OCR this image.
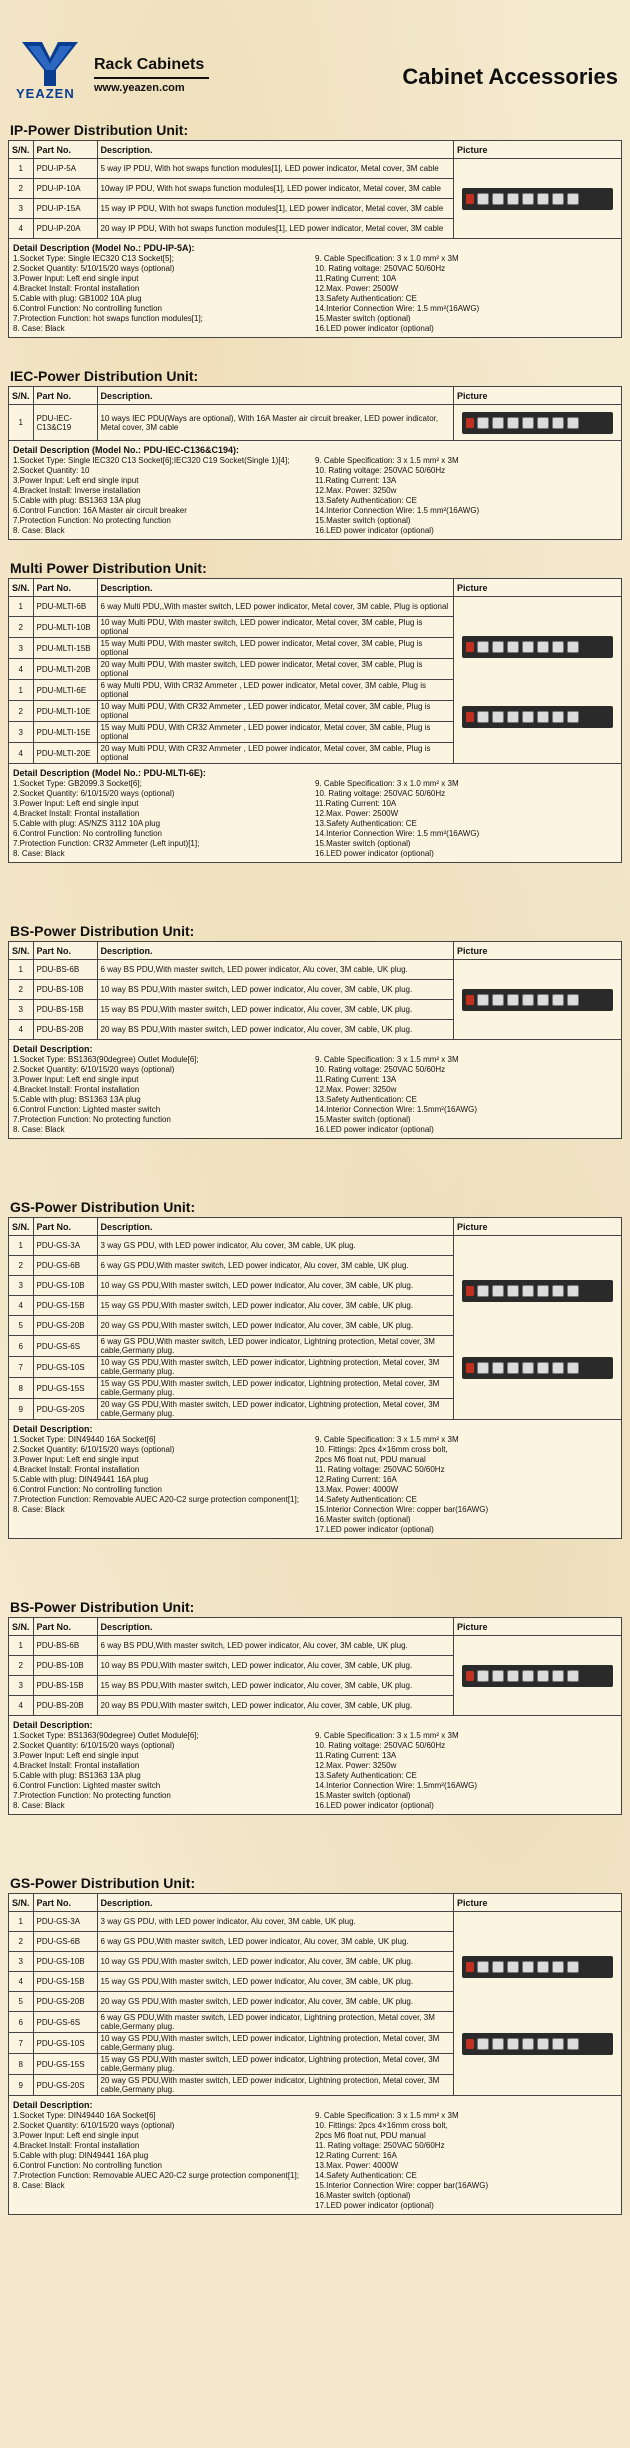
YEAZEN
Rack Cabinets
www.yeazen.com	Cabinet Accessories
IP-Power Distribution Unit:
S/N.	Part No.	Description.	Picture
1	PDU-IP-5A	5 way IP PDU, With hot swaps function modules[1], LED power indicator, Metal cover, 3M cable	

2	PDU-IP-10A	10way IP PDU, With hot swaps function modules[1], LED power indicator, Metal cover, 3M cable	
3	PDU-IP-15A	15 way IP PDU, With hot swaps function modules[1], LED power indicator, Metal cover, 3M cable	
4	PDU-IP-20A	20 way IP PDU, With hot swaps function modules[1], LED power indicator, Metal cover, 3M cable	
Detail Description (Model No.: PDU-IP-5A):
1.Socket Type: Single IEC320 C13 Socket[5];
2.Socket Quantity: 5/10/15/20 ways (optional)
3.Power Input: Left end single input
4.Bracket Install: Frontal installation
5.Cable with plug: GB1002 10A plug
6.Control Function: No controlling function
7.Protection Function: hot swaps function modules[1];
8. Case: Black
9. Cable Specification: 3 x 1.0 mm² x 3M
10. Rating voltage: 250VAC 50/60Hz
11.Rating Current: 10A
12.Max. Power: 2500W
13.Safety Authentication: CE
14.Interior Connection Wire: 1.5 mm²(16AWG)
15.Master switch (optional)
16.LED power indicator (optional)
IEC-Power Distribution Unit:
S/N.	Part No.	Description.	Picture
1	PDU-IEC-C13&C19	10 ways IEC PDU(Ways are optional), With 16A Master air circuit breaker, LED power indicator, Metal cover, 3M cable	
Detail Description (Model No.: PDU-IEC-C136&C194):
1.Socket Type: Single IEC320 C13 Socket[6];IEC320 C19 Socket(Single 1)[4];
2.Socket Quantity: 10
3.Power Input: Left end single input
4.Bracket Install: Inverse installation
5.Cable with plug: BS1363 13A plug
6.Control Function: 16A Master air circuit breaker
7.Protection Function: No protecting function
8. Case: Black
9. Cable Specification: 3 x 1.5 mm² x 3M
10. Rating voltage: 250VAC 50/60Hz
11.Rating Current: 13A
12.Max. Power: 3250w
13.Safety Authentication: CE
14.Interior Connection Wire: 1.5 mm²(16AWG)
15.Master switch (optional)
16.LED power indicator (optional)
Multi Power Distribution Unit:
S/N.	Part No.	Description.	Picture
1	PDU-MLTI-6B	6 way Multi PDU,,With master switch, LED power indicator, Metal cover, 3M cable, Plug is optional	

2	PDU-MLTI-10B	10 way Multi PDU, With master switch, LED power indicator, Metal cover, 3M cable, Plug is optional	
3	PDU-MLTI-15B	15 way Multi PDU, With master switch, LED power indicator, Metal cover, 3M cable, Plug is optional	
4	PDU-MLTI-20B	20 way Multi PDU, With master switch, LED power indicator, Metal cover, 3M cable, Plug is optional	
1	PDU-MLTI-6E	6 way Multi PDU, With CR32 Ammeter , LED power indicator, Metal cover, 3M cable, Plug is optional	
2	PDU-MLTI-10E	10 way Multi PDU, With CR32 Ammeter , LED power indicator, Metal cover, 3M cable, Plug is optional	
3	PDU-MLTI-15E	15 way Multi PDU, With CR32 Ammeter , LED power indicator, Metal cover, 3M cable, Plug is optional	
4	PDU-MLTI-20E	20 way Multi PDU, With CR32 Ammeter , LED power indicator, Metal cover, 3M cable, Plug is optional	
Detail Description (Model No.: PDU-MLTI-6E):
1.Socket Type: GB2099.3 Socket[6];
2.Socket Quantity: 6/10/15/20 ways (optional)
3.Power Input: Left end single input
4.Bracket Install: Frontal installation
5.Cable with plug: AS/NZS 3112 10A plug
6.Control Function: No controlling function
7.Protection Function: CR32 Ammeter (Left input)[1];
8. Case: Black
9. Cable Specification: 3 x 1.0 mm² x 3M
10. Rating voltage: 250VAC 50/60Hz
11.Rating Current: 10A
12.Max. Power: 2500W
13.Safety Authentication: CE
14.Interior Connection Wire: 1.5 mm²(16AWG)
15.Master switch (optional)
16.LED power indicator (optional)
BS-Power Distribution Unit:
S/N.	Part No.	Description.	Picture
1	PDU-BS-6B	6 way BS PDU,With master switch, LED power indicator, Alu cover, 3M cable, UK plug.	

2	PDU-BS-10B	10 way BS PDU,With master switch, LED power indicator, Alu cover, 3M cable, UK plug.	
3	PDU-BS-15B	15 way BS PDU,With master switch, LED power indicator, Alu cover, 3M cable, UK plug.	
4	PDU-BS-20B	20 way BS PDU,With master switch, LED power indicator, Alu cover, 3M cable, UK plug.	
Detail Description:
1.Socket Type: BS1363(90degree) Outlet Module[6];
2.Socket Quantity: 6/10/15/20 ways (optional)
3.Power Input: Left end single input
4.Bracket Install: Frontal installation
5.Cable with plug: BS1363 13A plug
6.Control Function: Lighted master switch
7.Protection Function: No protecting function
8. Case: Black
9. Cable Specification: 3 x 1.5 mm² x 3M
10. Rating voltage: 250VAC 50/60Hz
11.Rating Current: 13A
12.Max. Power: 3250w
13.Safety Authentication: CE
14.Interior Connection Wire: 1.5mm²(16AWG)
15.Master switch (optional)
16.LED power indicator (optional)
GS-Power Distribution Unit:
S/N.	Part No.	Description.	Picture
1	PDU-GS-3A	3 way GS PDU, with LED power indicator, Alu cover, 3M cable, UK plug.	

2	PDU-GS-6B	6 way GS PDU,With master switch, LED power indicator, Alu cover, 3M cable, UK plug.	
3	PDU-GS-10B	10 way GS PDU,With master switch, LED power indicator, Alu cover, 3M cable, UK plug.	
4	PDU-GS-15B	15 way GS PDU,With master switch, LED power indicator, Alu cover, 3M cable, UK plug.	
5	PDU-GS-20B	20 way GS PDU,With master switch, LED power indicator, Alu cover, 3M cable, UK plug.	
6	PDU-GS-6S	6 way GS PDU,With master switch, LED power indicator, Lightning protection, Metal cover, 3M cable,Germany plug.	
7	PDU-GS-10S	10 way GS PDU,With master switch, LED power indicator, Lightning protection, Metal cover, 3M cable,Germany plug.	
8	PDU-GS-15S	15 way GS PDU,With master switch, LED power indicator, Lightning protection, Metal cover, 3M cable,Germany plug.	
9	PDU-GS-20S	20 way GS PDU,With master switch, LED power indicator, Lightning protection, Metal cover, 3M cable,Germany plug.	
Detail Description:
1.Socket Type: DIN49440 16A Socket[6]
2.Socket Quantity: 6/10/15/20 ways (optional)
3.Power Input: Left end single input
4.Bracket Install: Frontal installation
5.Cable with plug: DIN49441 16A plug
6.Control Function: No controlling function
7.Protection Function: Removable AUEC A20-C2 surge protection component[1];
8. Case: Black
9. Cable Specification: 3 x 1.5 mm² x 3M
10. Fittings: 2pcs 4×16mm cross bolt,
2pcs M6 float nut, PDU manual
11. Rating voltage: 250VAC 50/60Hz
12.Rating Current: 16A
13.Max. Power: 4000W
14.Safety Authentication: CE
15.Interior Connection Wire: copper bar(16AWG)
16.Master switch (optional)
17.LED power indicator (optional)
BS-Power Distribution Unit:
S/N.	Part No.	Description.	Picture
1	PDU-BS-6B	6 way BS PDU,With master switch, LED power indicator, Alu cover, 3M cable, UK plug.	

2	PDU-BS-10B	10 way BS PDU,With master switch, LED power indicator, Alu cover, 3M cable, UK plug.	
3	PDU-BS-15B	15 way BS PDU,With master switch, LED power indicator, Alu cover, 3M cable, UK plug.	
4	PDU-BS-20B	20 way BS PDU,With master switch, LED power indicator, Alu cover, 3M cable, UK plug.	
Detail Description:
1.Socket Type: BS1363(90degree) Outlet Module[6];
2.Socket Quantity: 6/10/15/20 ways (optional)
3.Power Input: Left end single input
4.Bracket Install: Frontal installation
5.Cable with plug: BS1363 13A plug
6.Control Function: Lighted master switch
7.Protection Function: No protecting function
8. Case: Black
9. Cable Specification: 3 x 1.5 mm² x 3M
10. Rating voltage: 250VAC 50/60Hz
11.Rating Current: 13A
12.Max. Power: 3250w
13.Safety Authentication: CE
14.Interior Connection Wire: 1.5mm²(16AWG)
15.Master switch (optional)
16.LED power indicator (optional)
GS-Power Distribution Unit:
S/N.	Part No.	Description.	Picture
1	PDU-GS-3A	3 way GS PDU, with LED power indicator, Alu cover, 3M cable, UK plug.	

2	PDU-GS-6B	6 way GS PDU,With master switch, LED power indicator, Alu cover, 3M cable, UK plug.	
3	PDU-GS-10B	10 way GS PDU,With master switch, LED power indicator, Alu cover, 3M cable, UK plug.	
4	PDU-GS-15B	15 way GS PDU,With master switch, LED power indicator, Alu cover, 3M cable, UK plug.	
5	PDU-GS-20B	20 way GS PDU,With master switch, LED power indicator, Alu cover, 3M cable, UK plug.	
6	PDU-GS-6S	6 way GS PDU,With master switch, LED power indicator, Lightning protection, Metal cover, 3M cable,Germany plug.	
7	PDU-GS-10S	10 way GS PDU,With master switch, LED power indicator, Lightning protection, Metal cover, 3M cable,Germany plug.	
8	PDU-GS-15S	15 way GS PDU,With master switch, LED power indicator, Lightning protection, Metal cover, 3M cable,Germany plug.	
9	PDU-GS-20S	20 way GS PDU,With master switch, LED power indicator, Lightning protection, Metal cover, 3M cable,Germany plug.	
Detail Description:
1.Socket Type: DIN49440 16A Socket[6]
2.Socket Quantity: 6/10/15/20 ways (optional)
3.Power Input: Left end single input
4.Bracket Install: Frontal installation
5.Cable with plug: DIN49441 16A plug
6.Control Function: No controlling function
7.Protection Function: Removable AUEC A20-C2 surge protection component[1];
8. Case: Black
9. Cable Specification: 3 x 1.5 mm² x 3M
10. Fittings: 2pcs 4×16mm cross bolt,
2pcs M6 float nut, PDU manual
11. Rating voltage: 250VAC 50/60Hz
12.Rating Current: 16A
13.Max. Power: 4000W
14.Safety Authentication: CE
15.Interior Connection Wire: copper bar(16AWG)
16.Master switch (optional)
17.LED power indicator (optional)
